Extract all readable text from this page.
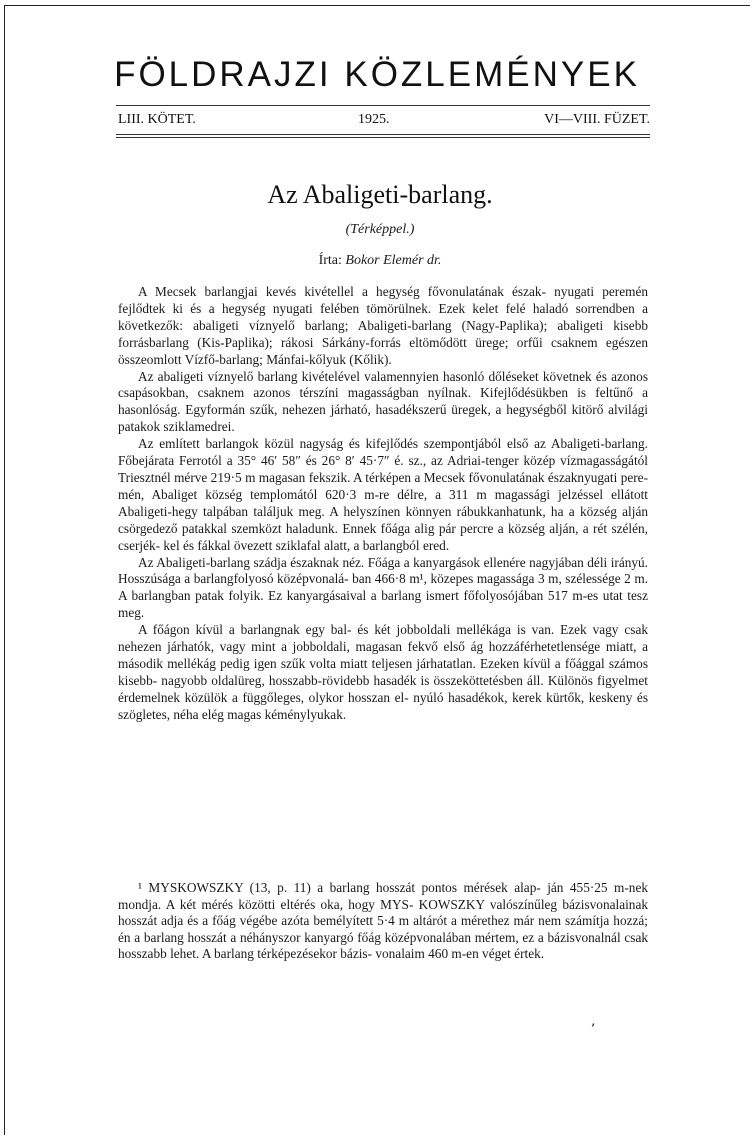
FÖLDRAJZI KÖZLEMÉNYEK
LIII. KÖTET.	1925.	VI—VIII. FÜZET.
Az Abaligeti-barlang.
(Térképpel.)
Írta: Bokor Elemér dr.

A Mecsek barlangjai kevés kivétellel a hegység fővonulatának észak- nyugati peremén fejlődtek ki és a hegység nyugati felében tömörülnek. Ezek kelet felé haladó sorrendben a következők: abaligeti víznyelő barlang; Abaligeti-barlang (Nagy-Paplika); abaligeti kisebb forrásbarlang (Kis-Paplika); rákosi Sárkány-forrás eltömődött ürege; orfűi csaknem egészen összeomlott Vízfő-barlang; Mánfai-kőlyuk (Kőlik).

Az abaligeti víznyelő barlang kivételével valamennyien hasonló dőléseket követnek és azonos csapásokban, csaknem azonos térszíni magasságban nyílnak. Kifejlődésükben is feltűnő a hasonlóság. Egyformán szűk, nehezen járható, hasadékszerű üregek, a hegységből kitörő alvilági patakok sziklamedrei.

Az említett barlangok közül nagyság és kifejlődés szempontjából első az Abaligeti-barlang. Főbejárata Ferrotól a 35° 46′ 58″ és 26° 8′ 45·7″ é. sz., az Adriai-tenger közép vízmagasságától Triesztnél mérve 219·5 m magasan fekszik. A térképen a Mecsek fővonulatának északnyugati pere- mén, Abaliget község templomától 620·3 m-re délre, a 311 m magassági jelzéssel ellátott Abaligeti-hegy talpában találjuk meg. A helyszínen könnyen rábukkanhatunk, ha a község alján csörgedező patakkal szemközt haladunk. Ennek főága alig pár percre a község alján, a rét szélén, cserjék- kel és fákkal övezett sziklafal alatt, a barlangból ered.

Az Abaligeti-barlang szádja északnak néz. Főága a kanyargások ellenére nagyjában déli irányú. Hosszúsága a barlangfolyosó középvonalá- ban 466·8 m¹, közepes magassága 3 m, szélessége 2 m. A barlangban patak folyik. Ez kanyargásaival a barlang ismert főfolyosójában 517 m-es utat tesz meg.

A főágon kívül a barlangnak egy bal- és két jobboldali mellékága is van. Ezek vagy csak nehezen járhatók, vagy mint a jobboldali, magasan fekvő első ág hozzáférhetetlensége miatt, a második mellékág pedig igen szűk volta miatt teljesen járhatatlan. Ezeken kívül a főággal számos kisebb- nagyobb oldalüreg, hosszabb-rövidebb hasadék is összeköttetésben áll. Különös figyelmet érdemelnek közülök a függőleges, olykor hosszan el- nyúló hasadékok, kerek kürtők, keskeny és szögletes, néha elég magas kéménylyukak.

¹ MYSKOWSZKY (13, p. 11) a barlang hosszát pontos mérések alap- ján 455·25 m-nek mondja. A két mérés közötti eltérés oka, hogy MYS- KOWSZKY valószínűleg bázisvonalainak hosszát adja és a főág végébe azóta bemélyített 5·4 m altárót a mérethez már nem számítja hozzá; én a barlang hosszát a néhányszor kanyargó főág középvonalában mértem, ez a bázisvonalnál csak hosszabb lehet. A barlang térképezésekor bázis- vonalaim 460 m-en véget értek.

ʼ
